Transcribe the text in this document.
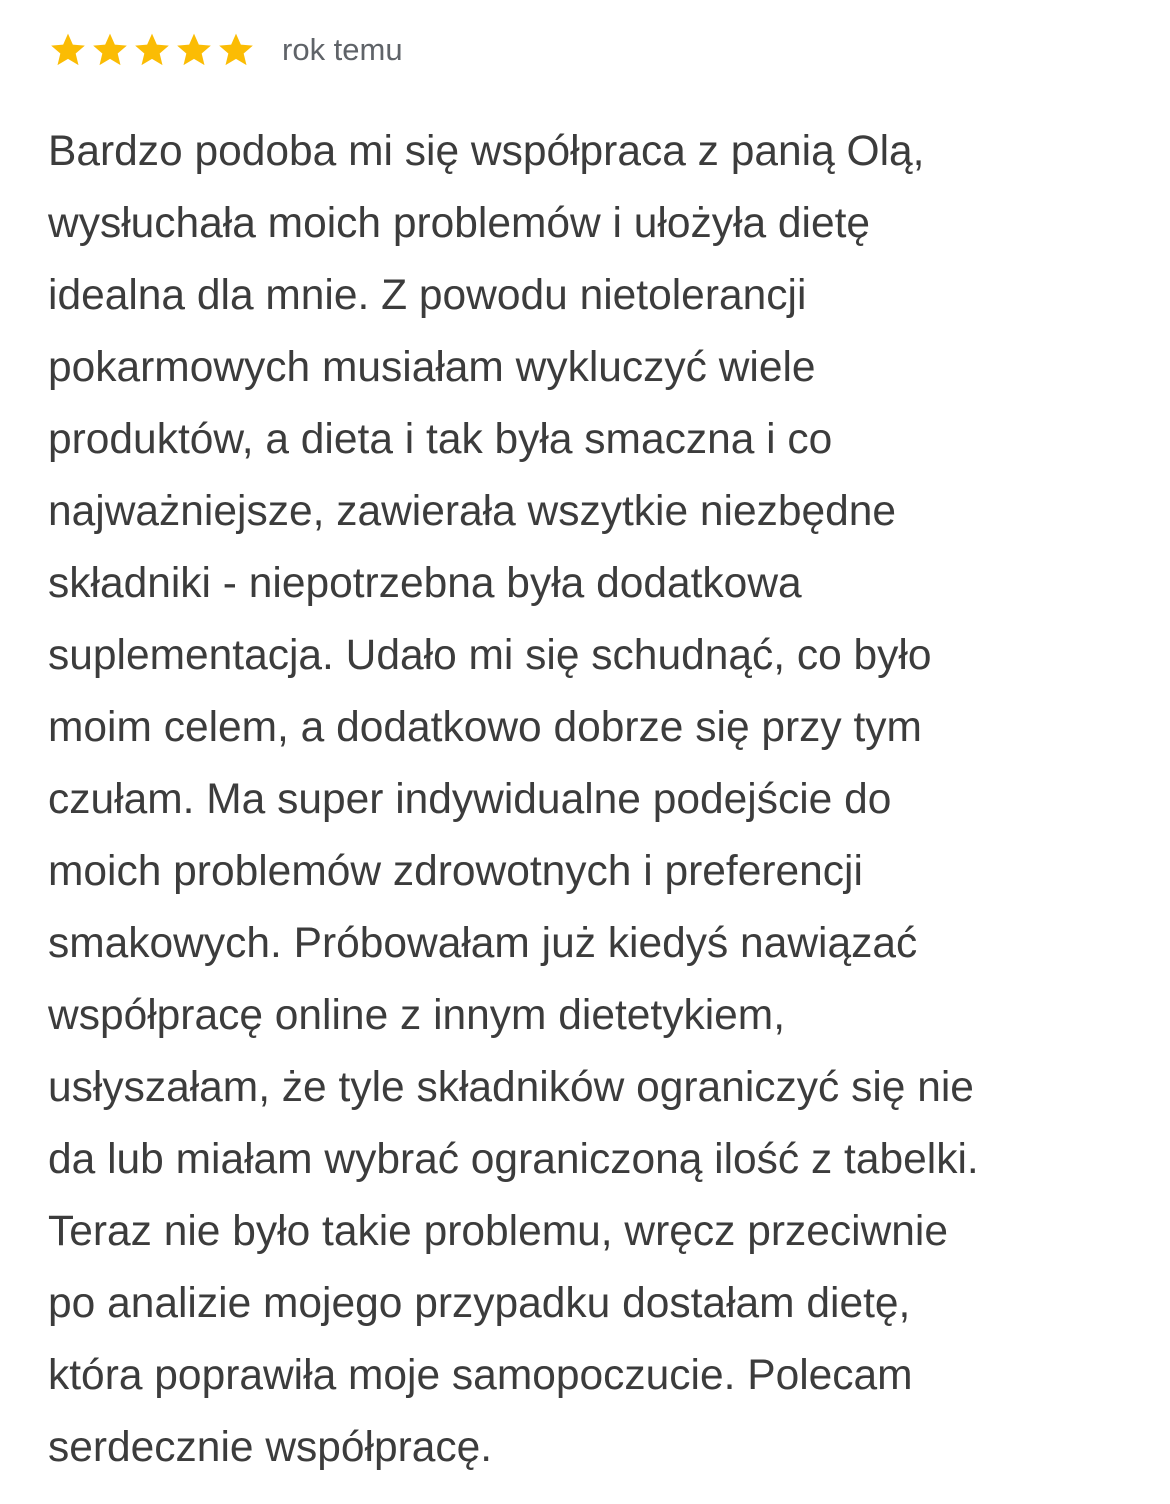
rok temu
Bardzo podoba mi się współpraca z panią Olą,
wysłuchała moich problemów i ułożyła dietę
idealna dla mnie. Z powodu nietolerancji
pokarmowych musiałam wykluczyć wiele
produktów, a dieta i tak była smaczna i co
najważniejsze, zawierała wszytkie niezbędne
składniki - niepotrzebna była dodatkowa
suplementacja. Udało mi się schudnąć, co było
moim celem, a dodatkowo dobrze się przy tym
czułam. Ma super indywidualne podejście do
moich problemów zdrowotnych i preferencji
smakowych. Próbowałam już kiedyś nawiązać
współpracę online z innym dietetykiem,
usłyszałam, że tyle składników ograniczyć się nie
da lub miałam wybrać ograniczoną ilość z tabelki.
Teraz nie było takie problemu, wręcz przeciwnie
po analizie mojego przypadku dostałam dietę,
która poprawiła moje samopoczucie. Polecam
serdecznie współpracę.
